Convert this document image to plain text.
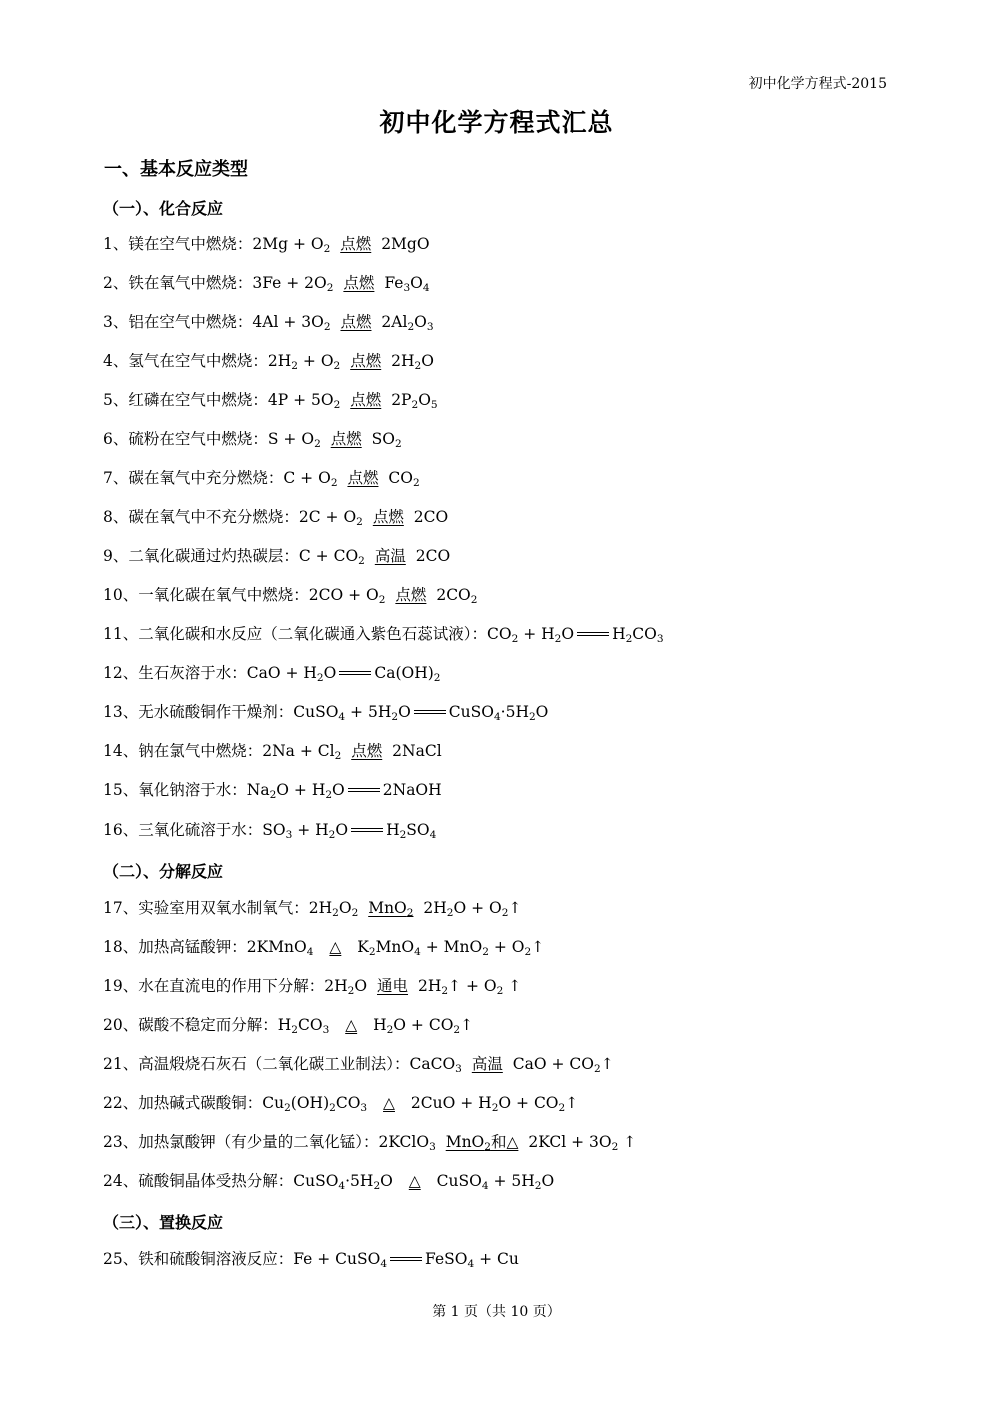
初中化学方程式-2015
初中化学方程式汇总
一、基本反应类型
（一）、化合反应
（二）、分解反应
（三）、置换反应
1、镁在空气中燃烧：$2Mg + O_2$ 点燃 2MgO
2、铁在氧气中燃烧：$3Fe + 2O_2$ 点燃 $Fe_3O_4$
3、铝在空气中燃烧：$4Al + 3O_2$ 点燃 $2Al_2O_3$
4、氢气在空气中燃烧：$2H_2 + O_2$ 点燃 $2H_2O$
5、红磷在空气中燃烧：$4P + 5O_2$ 点燃 $2P_2O_5$
6、硫粉在空气中燃烧：$S + O_2$ 点燃 $SO_2$
7、碳在氧气中充分燃烧：$C + O_2$ 点燃 $CO_2$
8、碳在氧气中不充分燃烧：$2C + O_2$ 点燃 2CO
9、二氧化碳通过灼热碳层：$C + CO_2$ 高温 2CO
10、一氧化碳在氧气中燃烧：$2CO + O_2$ 点燃 $2CO_2$
11、二氧化碳和水反应（二氧化碳通入紫色石蕊试液）：$CO_2 + H_2O$ $H_2CO_3$
12、生石灰溶于水：CaO + $H_2O$ $Ca(OH)_2$
13、无水硫酸铜作干燥剂：CuSO$_4$ + $5H_2O$ $CuSO_4\cdot 5H_2O$
14、钠在氯气中燃烧：$2Na + Cl_2$ 点燃 2NaCl
15、氧化钠溶于水：$Na_2O + H_2O$ 2NaOH
16、三氧化硫溶于水：$SO_3 + H_2O$ $H_2SO_4$
17、实验室用双氧水制氧气：$2H_2O_2$ MnO$_2$ $2H_2O$ + $O_2↑$
18、加热高锰酸钾：2KMnO$_4$ △ $K_2MnO_4 + MnO_2$ + $O_2↑$
19、水在直流电的作用下分解：$2H_2O$ 通电 $2H_2↑ + O_2$ ↑
20、碳酸不稳定而分解：$H_2CO_3$ △ $H_2O$ + $CO_2↑$
21、高温煅烧石灰石（二氧化碳工业制法）：CaCO$_3$ 高温 CaO + $CO_2↑$
22、加热碱式碳酸铜：$Cu_2(OH)_2CO_3$ △ $2CuO + H_2O$ + $CO_2↑$
23、加热氯酸钾（有少量的二氧化锰）：2KClO$_3$ MnO$_2$和△ $2KCl + 3O_2$ ↑
24、硫酸铜晶体受热分解：$CuSO_4\cdot 5H_2O$ △ CuSO$_4$ + $5H_2O$
25、铁和硫酸铜溶液反应：Fe + CuSO$_4$ FeSO$_4$ + Cu
第 1 页（共 10 页）
